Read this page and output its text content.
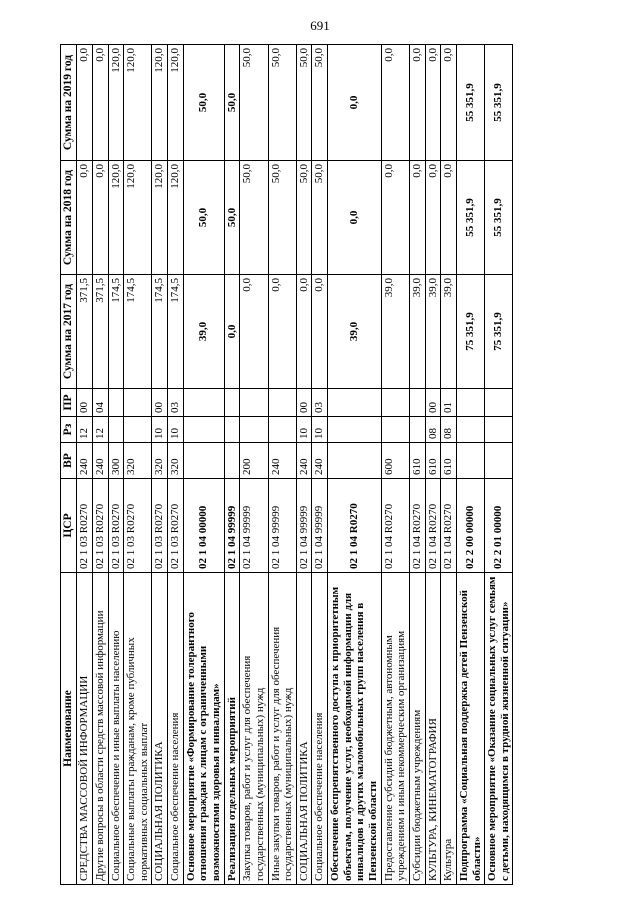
691
Наименование	ЦСР	ВР	Рз	ПР	Сумма на 2017 год	Сумма на 2018 год	Сумма на 2019 год
СРЕДСТВА МАССОВОЙ ИНФОРМАЦИИ	02 1 03 R0270	240	12	00	371,5	0,0	0,0
Другие вопросы в области средств массовой информации	02 1 03 R0270	240	12	04	371,5	0,0	0,0
Социальное обеспечение и иные выплаты населению	02 1 03 R0270	300			174,5	120,0	120,0
Социальные выплаты гражданам, кроме публичных нормативных социальных выплат	02 1 03 R0270	320			174,5	120,0	120,0
СОЦИАЛЬНАЯ ПОЛИТИКА	02 1 03 R0270	320	10	00	174,5	120,0	120,0
Социальное обеспечение населения	02 1 03 R0270	320	10	03	174,5	120,0	120,0
Основное мероприятие «Формирование толерантного отношения граждан к лицам с ограниченными возможностями здоровья и инвалидам»	02 1 04 00000				39,0	50,0	50,0
Реализация отдельных мероприятий	02 1 04 99999				0,0	50,0	50,0
Закупка товаров, работ и услуг для обеспечения государственных (муниципальных) нужд	02 1 04 99999	200			0,0	50,0	50,0
Иные закупки товаров, работ и услуг для обеспечения государственных (муниципальных) нужд	02 1 04 99999	240			0,0	50,0	50,0
СОЦИАЛЬНАЯ ПОЛИТИКА	02 1 04 99999	240	10	00	0,0	50,0	50,0
Социальное обеспечение населения	02 1 04 99999	240	10	03	0,0	50,0	50,0
Обеспечение беспрепятственного доступа к приоритетным объектам, получение услуг, необходимой информации для инвалидов и других маломобильных групп населения в Пензенской области	02 1 04 R0270				39,0	0,0	0,0
Предоставление субсидий бюджетным, автономным учреждениям и иным некоммерческим организациям	02 1 04 R0270	600			39,0	0,0	0,0
Субсидии бюджетным учреждениям	02 1 04 R0270	610			39,0	0,0	0,0
КУЛЬТУРА, КИНЕМАТОГРАФИЯ	02 1 04 R0270	610	08	00	39,0	0,0	0,0
Культура	02 1 04 R0270	610	08	01	39,0	0,0	0,0
Подпрограмма «Социальная поддержка детей Пензенской области»	02 2 00 00000				75 351,9	55 351,9	55 351,9
Основное мероприятие «Оказание социальных услуг семьям с детьми, находящимся в трудной жизненной ситуации»	02 2 01 00000				75 351,9	55 351,9	55 351,9
